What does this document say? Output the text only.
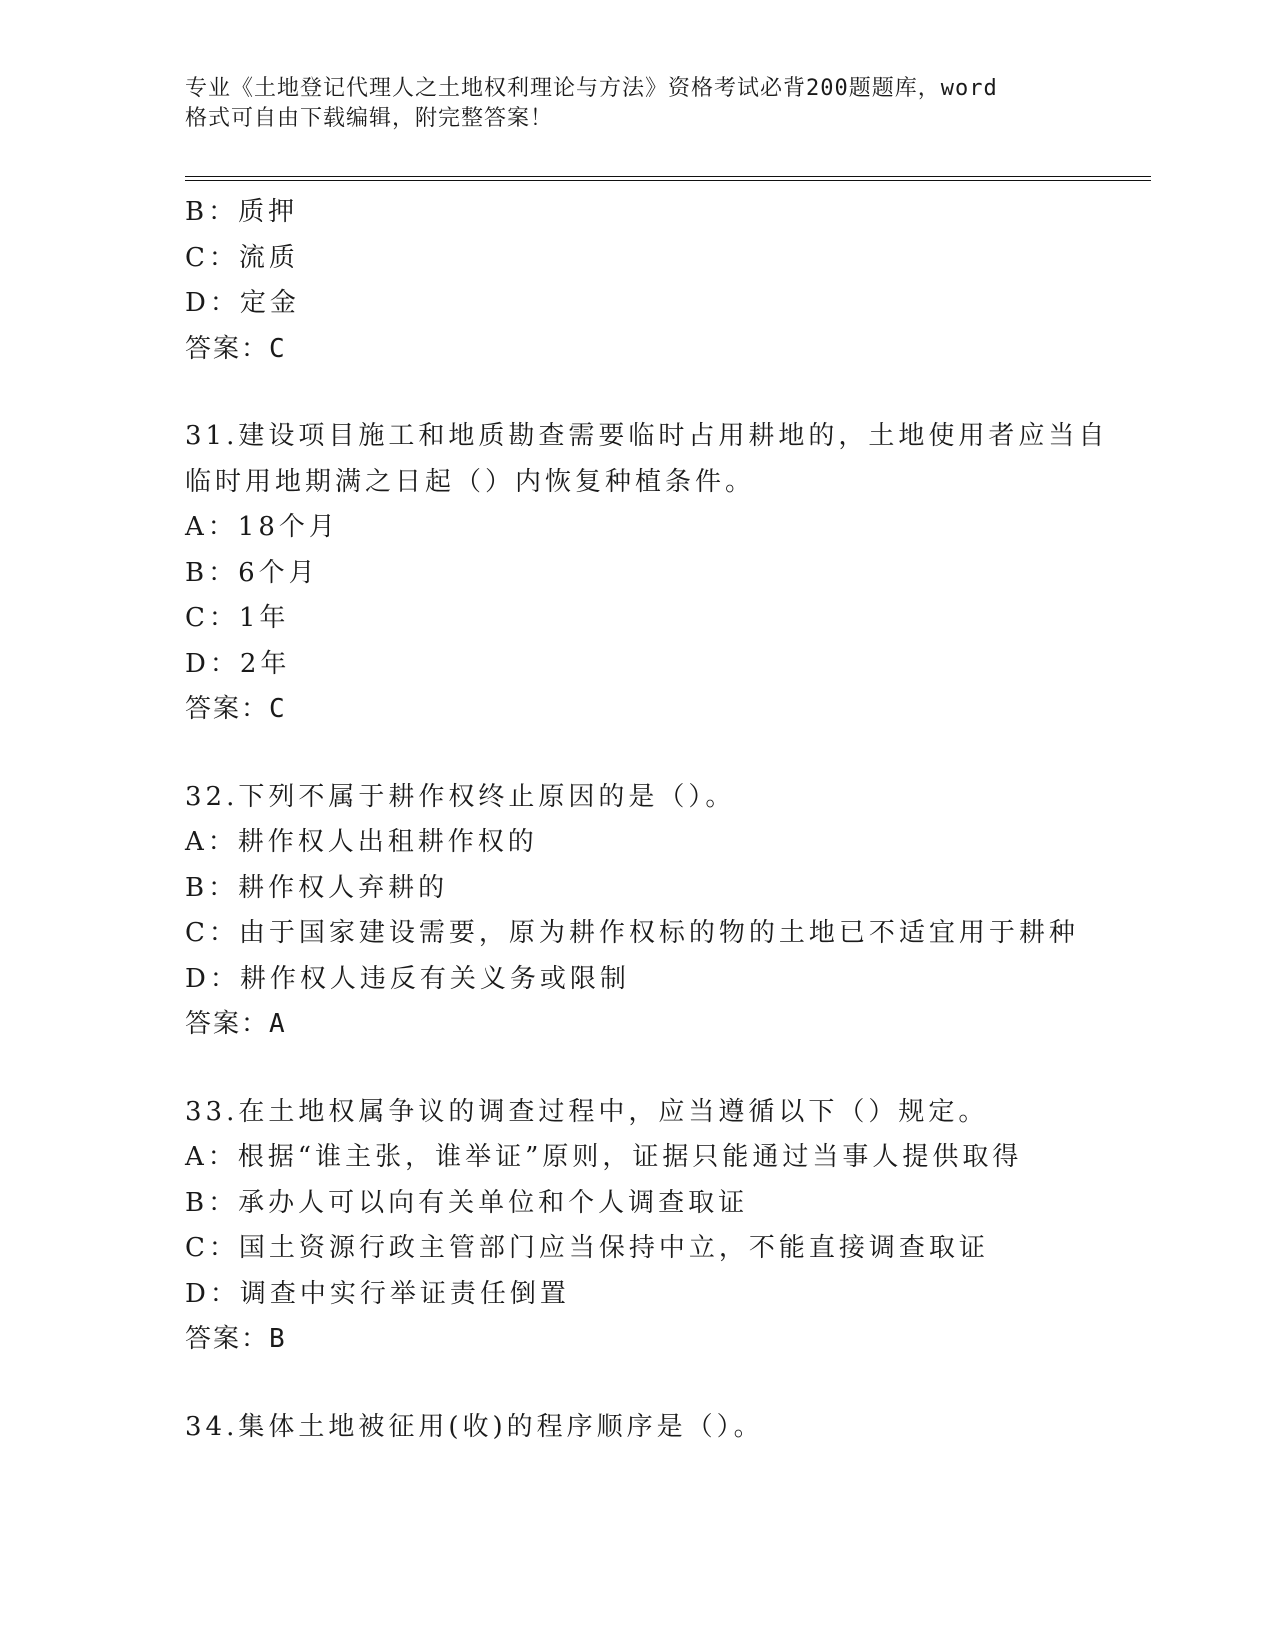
专业《土地登记代理人之土地权利理论与方法》资格考试必背200题题库，word
格式可自由下载编辑，附完整答案！
B：质押
C：流质
D：定金
答案：C
31.建设项目施工和地质勘查需要临时占用耕地的，土地使用者应当自
临时用地期满之日起（）内恢复种植条件。
A：18个月
B：6个月
C：1年
D：2年
答案：C
32.下列不属于耕作权终止原因的是（）。
A：耕作权人出租耕作权的
B：耕作权人弃耕的
C：由于国家建设需要，原为耕作权标的物的土地已不适宜用于耕种
D：耕作权人违反有关义务或限制
答案：A
33.在土地权属争议的调查过程中，应当遵循以下（）规定。
A：根据“谁主张，谁举证”原则，证据只能通过当事人提供取得
B：承办人可以向有关单位和个人调查取证
C：国土资源行政主管部门应当保持中立，不能直接调查取证
D：调查中实行举证责任倒置
答案：B
34.集体土地被征用(收)的程序顺序是（）。
